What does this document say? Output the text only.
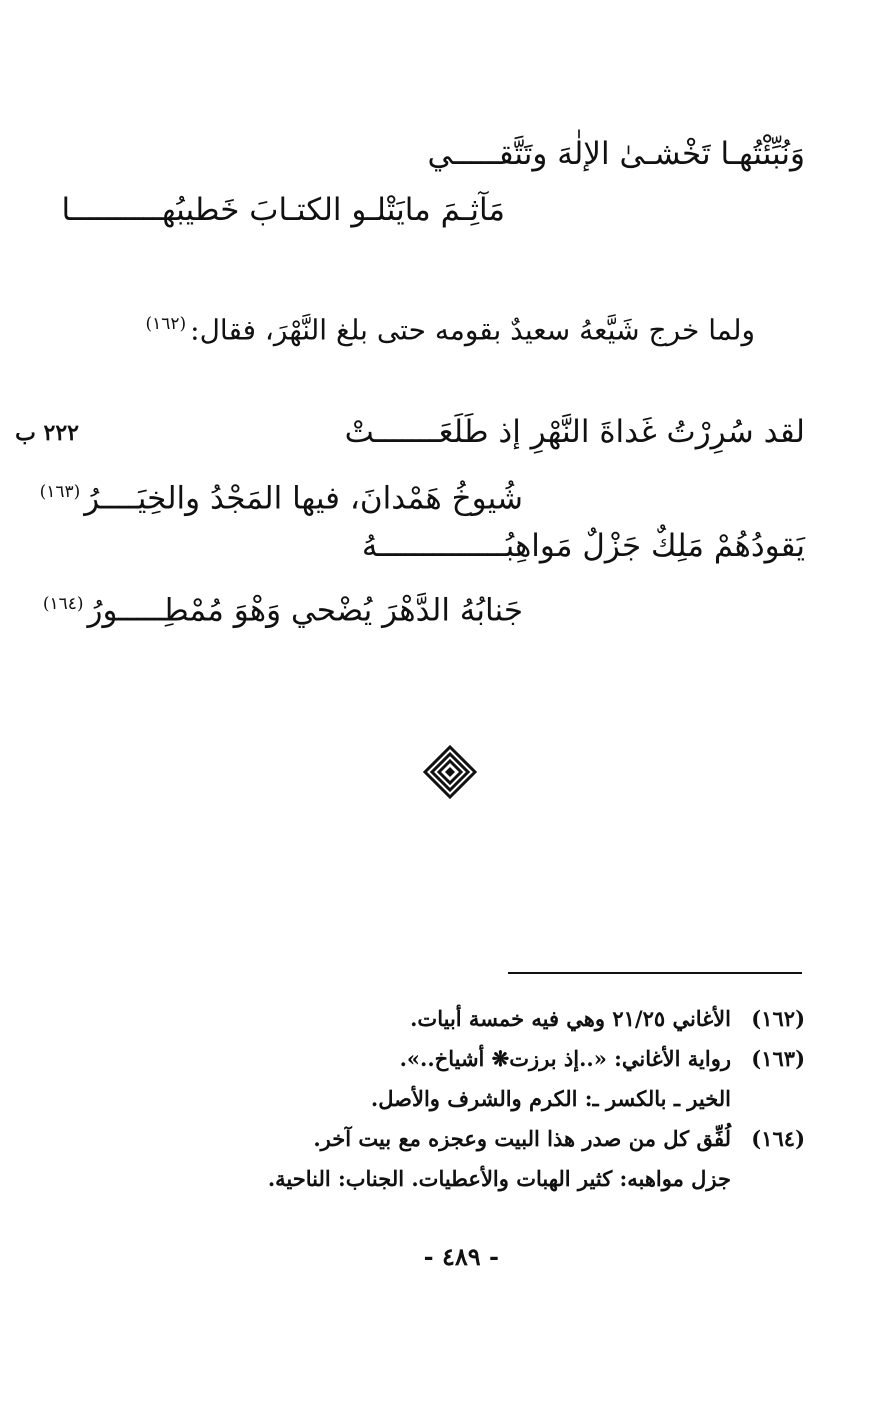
وَنُبِّئْتُهـا تَخْشـىٰ الإلٰهَ وتَتَّقـــــي

مَآثِـمَ مايَتْلـو الكتـابَ خَطيبُهــــــــــا

ولما خرج شَيَّعهُ سعيدٌ بقومه حتى بلغ النَّهْرَ، فقال:$^{(١٦٢)}$

٢٢٢ ب	لقد سُرِرْتُ غَداةَ النَّهْرِ إذ طَلَعَـــــــتْ

شُيوخُ هَمْدانَ، فيها المَجْدُ والخِيَــــرُ$^{(١٦٣)}$

يَقودُهُمْ مَلِكٌ جَزْلٌ مَواهِبُــــــــــــــهُ

جَنابُهُ الدَّهْرَ يُضْحي وَهْوَ مُمْطِـــــورُ$^{(١٦٤)}$

(١٦٢)الأغاني ٢١/٢٥ وهي فيه خمسة أبيات.

(١٦٣)رواية الأغاني: «..إذ برزت❋ أشياخ..».

الخير ـ بالكسر ـ: الكرم والشرف والأصل.

(١٦٤)لُفِّق كل من صدر هذا البيت وعجزه مع بيت آخر.

جزل مواهبه: كثير الهبات والأعطيات. الجناب: الناحية.

- ٤٨٩ -
